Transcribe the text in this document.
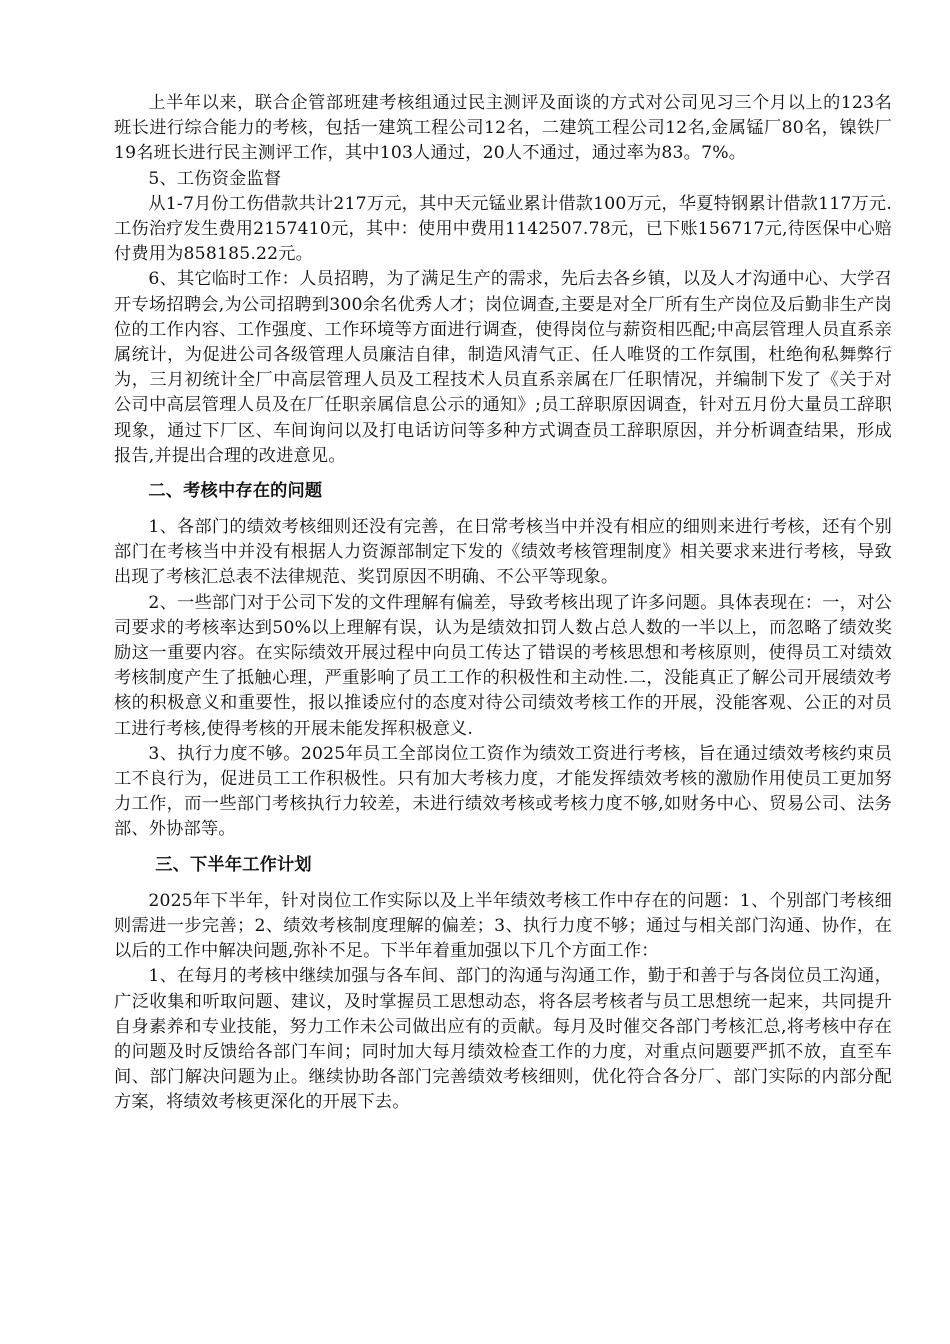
上半年以来，联合企管部班建考核组通过民主测评及面谈的方式对公司见习三个月以上的123名班长进行综合能力的考核，包括一建筑工程公司12名，二建筑工程公司12名,金属锰厂80名，镍铁厂19名班长进行民主测评工作，其中103人通过，20人不通过，通过率为83。7%。

5、工伤资金监督

从1-7月份工伤借款共计217万元，其中天元锰业累计借款100万元，华夏特钢累计借款117万元.工伤治疗发生费用2157410元，其中：使用中费用1142507.78元，已下账156717元,待医保中心赔付费用为858185.22元。

6、其它临时工作：人员招聘，为了满足生产的需求，先后去各乡镇，以及人才沟通中心、大学召开专场招聘会,为公司招聘到300余名优秀人才；岗位调查,主要是对全厂所有生产岗位及后勤非生产岗位的工作内容、工作强度、工作环境等方面进行调查，使得岗位与薪资相匹配;中高层管理人员直系亲属统计，为促进公司各级管理人员廉洁自律，制造风清气正、任人唯贤的工作氛围，杜绝徇私舞弊行为，三月初统计全厂中高层管理人员及工程技术人员直系亲属在厂任职情况，并编制下发了《关于对公司中高层管理人员及在厂任职亲属信息公示的通知》;员工辞职原因调查，针对五月份大量员工辞职现象，通过下厂区、车间询问以及打电话访问等多种方式调查员工辞职原因，并分析调查结果，形成报告,并提出合理的改进意见。

二、考核中存在的问题

1、各部门的绩效考核细则还没有完善，在日常考核当中并没有相应的细则来进行考核，还有个别部门在考核当中并没有根据人力资源部制定下发的《绩效考核管理制度》相关要求来进行考核，导致出现了考核汇总表不法律规范、奖罚原因不明确、不公平等现象。

2、一些部门对于公司下发的文件理解有偏差，导致考核出现了许多问题。具体表现在：一，对公司要求的考核率达到50%以上理解有误，认为是绩效扣罚人数占总人数的一半以上，而忽略了绩效奖励这一重要内容。在实际绩效开展过程中向员工传达了错误的考核思想和考核原则，使得员工对绩效考核制度产生了抵触心理，严重影响了员工工作的积极性和主动性.二，没能真正了解公司开展绩效考核的积极意义和重要性，报以推诿应付的态度对待公司绩效考核工作的开展，没能客观、公正的对员工进行考核,使得考核的开展未能发挥积极意义.

3、执行力度不够。2025年员工全部岗位工资作为绩效工资进行考核，旨在通过绩效考核约束员工不良行为，促进员工工作积极性。只有加大考核力度，才能发挥绩效考核的激励作用使员工更加努力工作，而一些部门考核执行力较差，未进行绩效考核或考核力度不够,如财务中心、贸易公司、法务部、外协部等。

三、下半年工作计划

2025年下半年，针对岗位工作实际以及上半年绩效考核工作中存在的问题：1、个别部门考核细则需进一步完善；2、绩效考核制度理解的偏差；3、执行力度不够；通过与相关部门沟通、协作，在以后的工作中解决问题,弥补不足。下半年着重加强以下几个方面工作：

1、在每月的考核中继续加强与各车间、部门的沟通与沟通工作，勤于和善于与各岗位员工沟通，广泛收集和听取问题、建议，及时掌握员工思想动态，将各层考核者与员工思想统一起来，共同提升自身素养和专业技能，努力工作未公司做出应有的贡献。每月及时催交各部门考核汇总,将考核中存在的问题及时反馈给各部门车间；同时加大每月绩效检查工作的力度，对重点问题要严抓不放，直至车间、部门解决问题为止。继续协助各部门完善绩效考核细则，优化符合各分厂、部门实际的内部分配方案，将绩效考核更深化的开展下去。
